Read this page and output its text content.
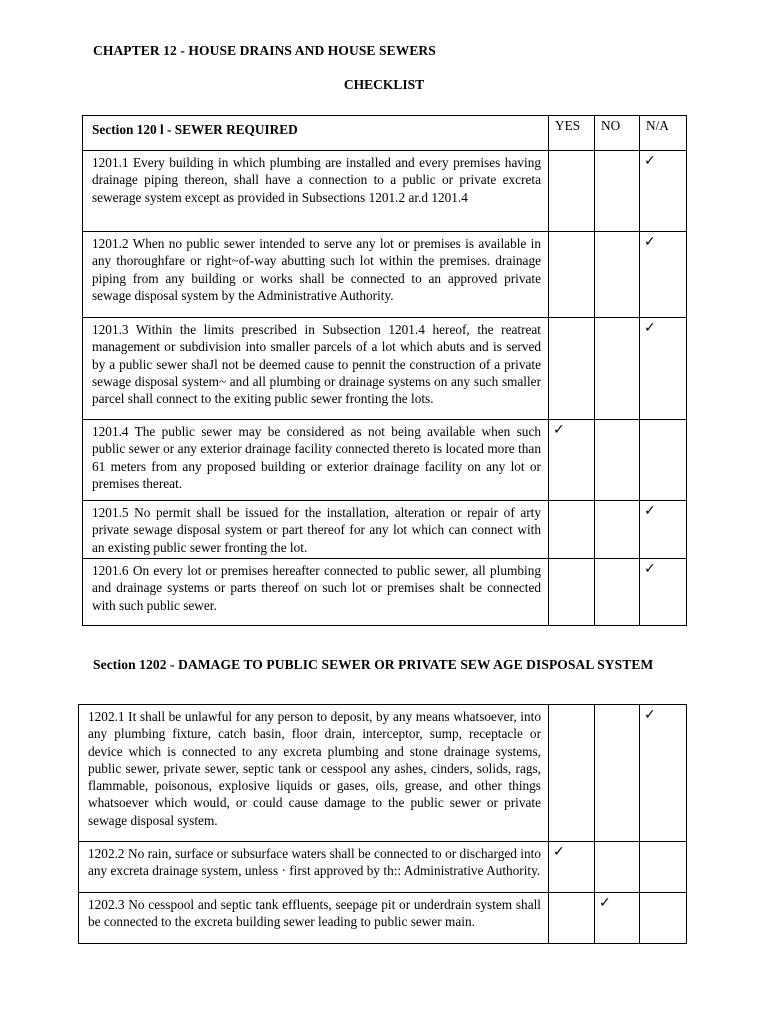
CHAPTER 12 - HOUSE DRAINS AND HOUSE SEWERS
CHECKLIST
Section 120 l - SEWER REQUIRED	YES	NO	N/A
1201.1 Every building in which plumbing are installed and every premises having drainage piping thereon, shall have a connection to a public or private excreta sewerage system except as provided in Subsections 1201.2 ar.d 1201.4			✓
1201.2 When no public sewer intended to serve any lot or premises is available in any thoroughfare or right~of-way abutting such lot within the premises. drainage piping from any building or works shall be connected to an approved private sewage disposal system by the Administrative Authority.			✓
1201.3 Within the limits prescribed in Subsection 1201.4 hereof, the reatreat management or subdivision into smaller parcels of a lot which abuts and is served by a public sewer shaJl not be deemed cause to pennit the construction of a private sewage disposal system~ and all plumbing or drainage systems on any such smaller parcel shall connect to the exiting public sewer fronting the lots.			✓
1201.4 The public sewer may be considered as not being available when such public sewer or any exterior drainage facility connected thereto is located more than 61 meters from any proposed building or exterior drainage facility on any lot or premises thereat.	✓		
1201.5 No permit shall be issued for the installation, alteration or repair of arty private sewage disposal system or part thereof for any lot which can connect with an existing public sewer fronting the lot.			✓
1201.6 On every lot or premises hereafter connected to public sewer, all plumbing and drainage systems or parts thereof on such lot or premises shalt be connected with such public sewer.			✓
Section 1202 - DAMAGE TO PUBLIC SEWER OR PRIVATE SEW AGE DISPOSAL SYSTEM
1202.1 It shall be unlawful for any person to deposit, by any means whatsoever, into any plumbing fixture, catch basin, floor drain, interceptor, sump, receptacle or device which is connected to any excreta plumbing and stone drainage systems, public sewer, private sewer, septic tank or cesspool any ashes, cinders, solids, rags, flammable, poisonous, explosive liquids or gases, oils, grease, and other things whatsoever which would, or could cause damage to the public sewer or private sewage disposal system.			✓
1202.2 No rain, surface or subsurface waters shall be connected to or discharged into any excreta drainage system, unless · first approved by th:: Administrative Authority.	✓		
1202.3 No cesspool and septic tank effluents, seepage pit or underdrain system shall be connected to the excreta building sewer leading to public sewer main.		✓	
